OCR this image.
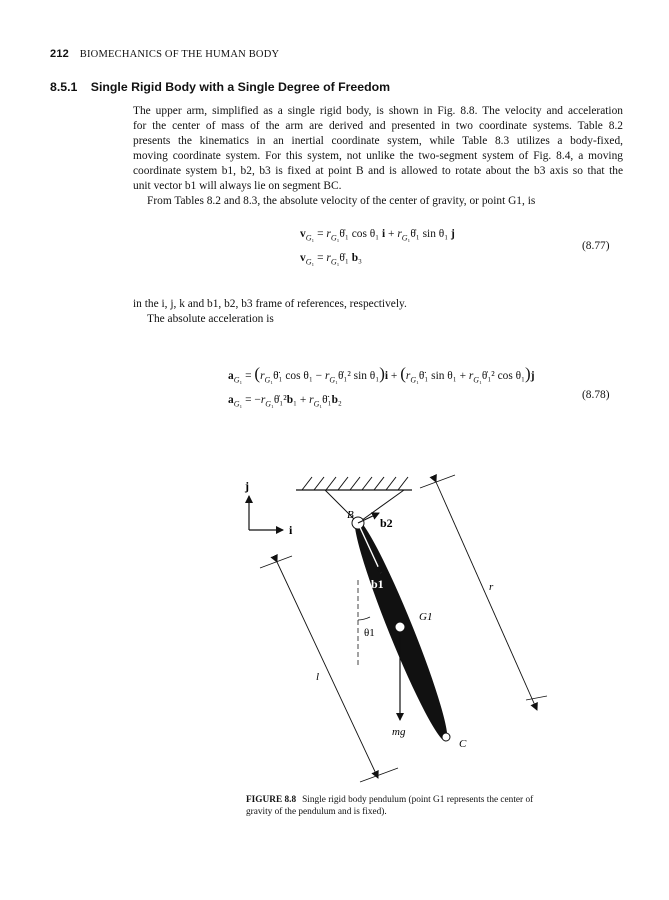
212 BIOMECHANICS OF THE HUMAN BODY
8.5.1 Single Rigid Body with a Single Degree of Freedom
The upper arm, simplified as a single rigid body, is shown in Fig. 8.8. The velocity and acceleration
for the center of mass of the arm are derived and presented in two coordinate systems. Table 8.2
presents the kinematics in an inertial coordinate system, while Table 8.3 utilizes a body-fixed,
moving coordinate system. For this system, not unlike the two-segment system of Fig. 8.4, a moving
coordinate system b1, b2, b3 is fixed at point B and is allowed to rotate about the b3 axis so that the
unit vector b1 will always lie on segment BC.
From Tables 8.2 and 8.3, the absolute velocity of the center of gravity, or point G1, is
$v_{G_1}$ = $r_{G_1}\thetȧ_1$ cos θ₁ $i + r_{G_1}\thetȧ_1$ sin θ₁ j
$v_{G_1}$ = $r_{G_1}\thetȧ_1$ b₃
(8.77)
in the i, j, k and b1, b2, b3 frame of references, respectively.
The absolute acceleration is
$a_{G_1}$ = ($r_{G_1}\thetä_1$ $\cos \theta_1 - r_{G_1}\thetȧ_1^2$ $\sin \theta_1)i + (r_{G_1}\thetä_1$ $\sin \theta_1 + r_{G_1}\thetȧ_1^2$ cos θ₁)j
$a_{G_1}$ = $-r_{G_1}\thetȧ_1^2b_1$ + $r_{G_1}\thetä_1b_2$	(8.78)
j
i
B
b2
b1
G1
θ1
r
l
mg
C
FIGURE 8.8 Single rigid body pendulum (point G1 represents the center of gravity of the pendulum and is fixed).
